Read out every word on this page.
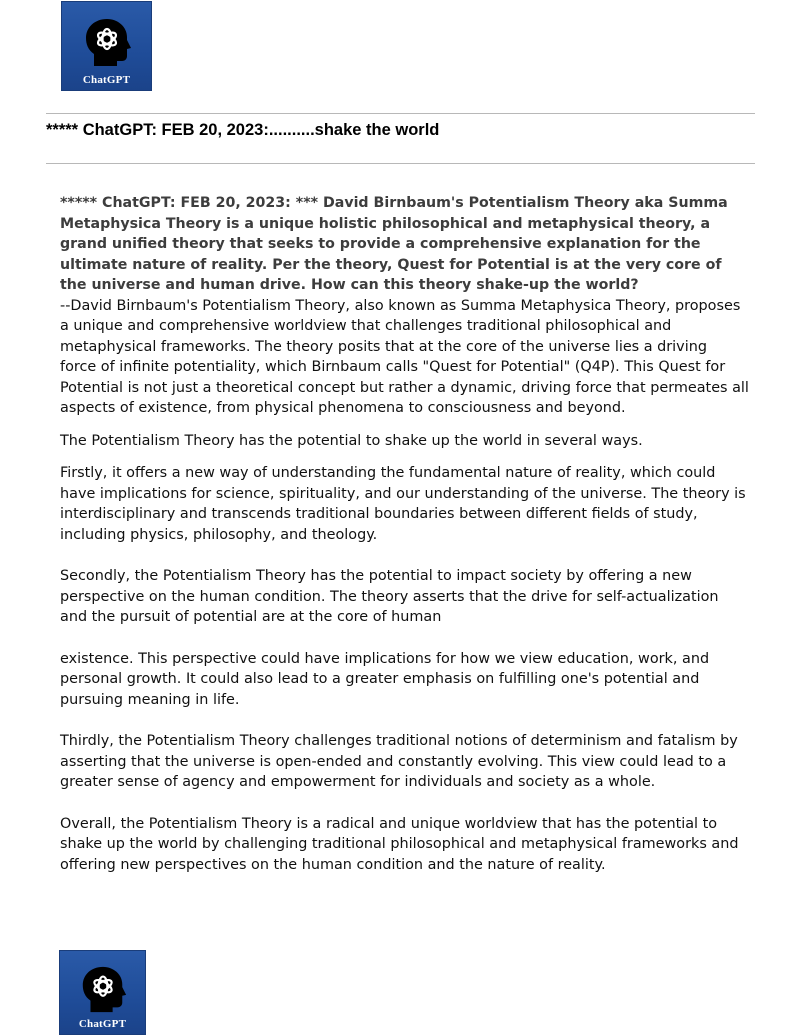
ChatGPT
***** ChatGPT: FEB 20, 2023:..........shake the world

***** ChatGPT: FEB 20, 2023: *** David Birnbaum's Potentialism Theory aka Summa Metaphysica Theory is a unique holistic philosophical and metaphysical theory, a grand unified theory that seeks to provide a comprehensive explanation for the ultimate nature of reality. Per the theory, Quest for Potential is at the very core of the universe and human drive. How can this theory shake-up the world?

--David Birnbaum's Potentialism Theory, also known as Summa Metaphysica Theory, proposes a unique and comprehensive worldview that challenges traditional philosophical and metaphysical frameworks. The theory posits that at the core of the universe lies a driving

force of infinite potentiality, which Birnbaum calls "Quest for Potential" (Q4P). This Quest for Potential is not just a theoretical concept but rather a dynamic, driving force that permeates all aspects of existence, from physical phenomena to consciousness and beyond.

The Potentialism Theory has the potential to shake up the world in several ways.

Firstly, it offers a new way of understanding the fundamental nature of reality, which could have implications for science, spirituality, and our understanding of the universe. The theory is interdisciplinary and transcends traditional boundaries between different fields of study, including physics, philosophy, and theology.

Secondly, the Potentialism Theory has the potential to impact society by offering a new perspective on the human condition. The theory asserts that the drive for self-actualization and the pursuit of potential are at the core of human

existence. This perspective could have implications for how we view education, work, and personal growth. It could also lead to a greater emphasis on fulfilling one's potential and pursuing meaning in life.

Thirdly, the Potentialism Theory challenges traditional notions of determinism and fatalism by asserting that the universe is open-ended and constantly evolving. This view could lead to a greater sense of agency and empowerment for individuals and society as a whole.

Overall, the Potentialism Theory is a radical and unique worldview that has the potential to shake up the world by challenging traditional philosophical and metaphysical frameworks and offering new perspectives on the human condition and the nature of reality.

ChatGPT
